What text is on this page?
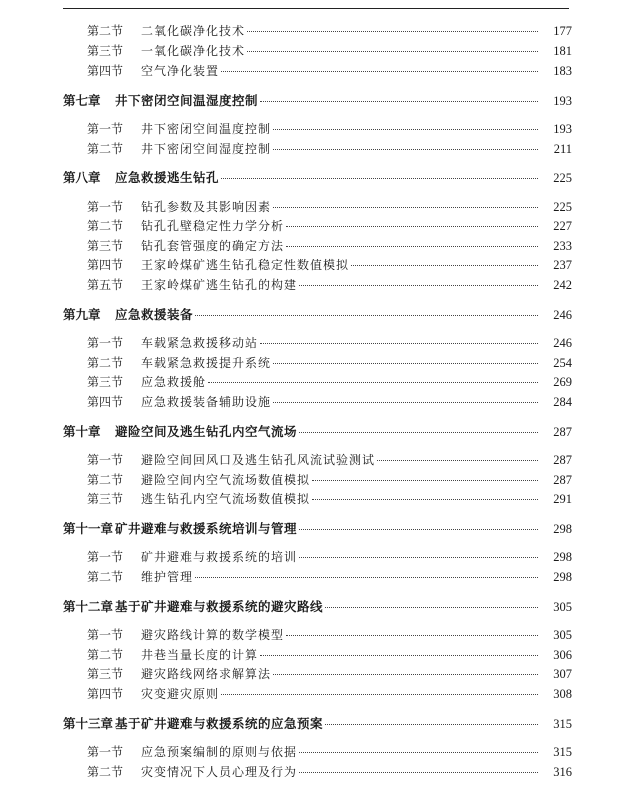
第二节	二氧化碳净化技术	177
第三节	一氧化碳净化技术	181
第四节	空气净化装置	183
第七章	井下密闭空间温湿度控制	193
第一节	井下密闭空间温度控制	193
第二节	井下密闭空间湿度控制	211
第八章	应急救援逃生钻孔	225
第一节	钻孔参数及其影响因素	225
第二节	钻孔孔壁稳定性力学分析	227
第三节	钻孔套管强度的确定方法	233
第四节	王家岭煤矿逃生钻孔稳定性数值模拟	237
第五节	王家岭煤矿逃生钻孔的构建	242
第九章	应急救援装备	246
第一节	车载紧急救援移动站	246
第二节	车载紧急救援提升系统	254
第三节	应急救援舱	269
第四节	应急救援装备辅助设施	284
第十章	避险空间及逃生钻孔内空气流场	287
第一节	避险空间回风口及逃生钻孔风流试验测试	287
第二节	避险空间内空气流场数值模拟	287
第三节	逃生钻孔内空气流场数值模拟	291
第十一章 矿井避难与救援系统培训与管理	298
第一节	矿井避难与救援系统的培训	298
第二节	维护管理	298
第十二章 基于矿井避难与救援系统的避灾路线	305
第一节	避灾路线计算的数学模型	305
第二节	井巷当量长度的计算	306
第三节	避灾路线网络求解算法	307
第四节	灾变避灾原则	308
第十三章 基于矿井避难与救援系统的应急预案	315
第一节	应急预案编制的原则与依据	315
第二节	灾变情况下人员心理及行为	316
